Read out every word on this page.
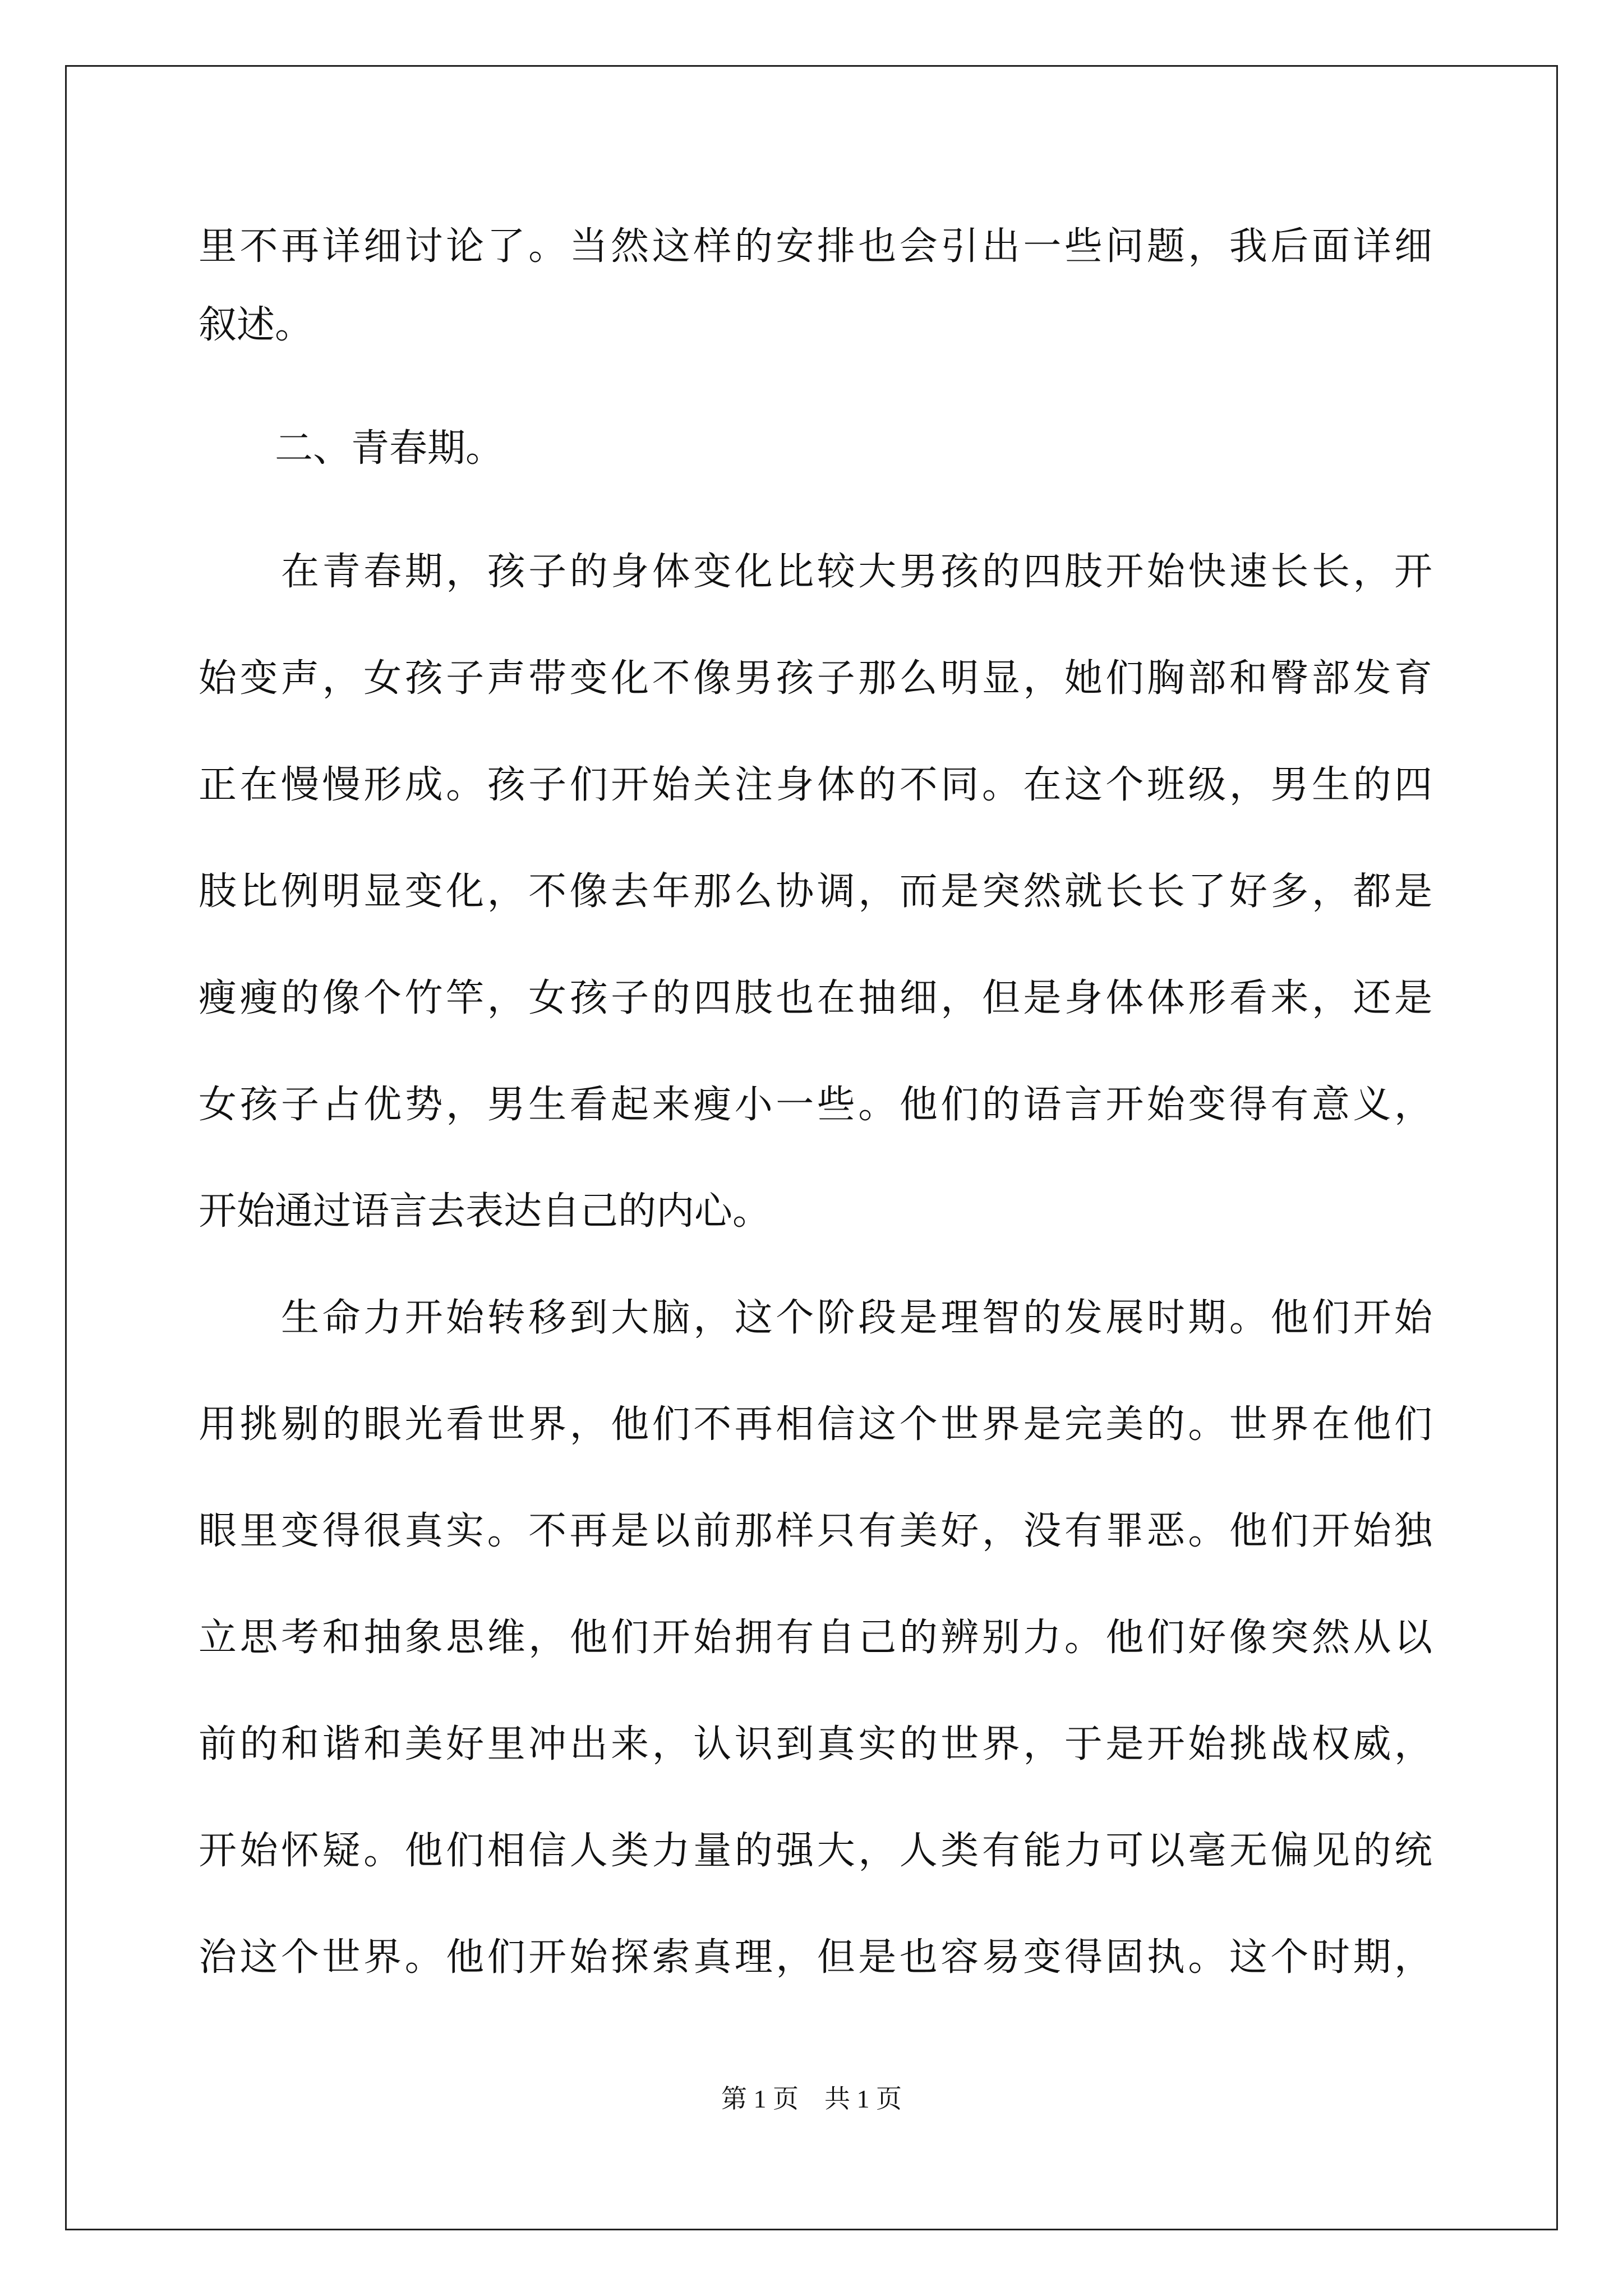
里不再详细讨论了。当然这样的安排也会引出一些问题，我后面详细
叙述。
　　二、青春期。
　　在青春期，孩子的身体变化比较大男孩的四肢开始快速长长，开
始变声，女孩子声带变化不像男孩子那么明显，她们胸部和臀部发育
正在慢慢形成。孩子们开始关注身体的不同。在这个班级，男生的四
肢比例明显变化，不像去年那么协调，而是突然就长长了好多，都是
瘦瘦的像个竹竿，女孩子的四肢也在抽细，但是身体体形看来，还是
女孩子占优势，男生看起来瘦小一些。他们的语言开始变得有意义，
开始通过语言去表达自己的内心。
　　生命力开始转移到大脑，这个阶段是理智的发展时期。他们开始
用挑剔的眼光看世界，他们不再相信这个世界是完美的。世界在他们
眼里变得很真实。不再是以前那样只有美好，没有罪恶。他们开始独
立思考和抽象思维，他们开始拥有自己的辨别力。他们好像突然从以
前的和谐和美好里冲出来，认识到真实的世界，于是开始挑战权威，
开始怀疑。他们相信人类力量的强大，人类有能力可以毫无偏见的统
治这个世界。他们开始探索真理，但是也容易变得固执。这个时期，
第 1 页　共 1 页
